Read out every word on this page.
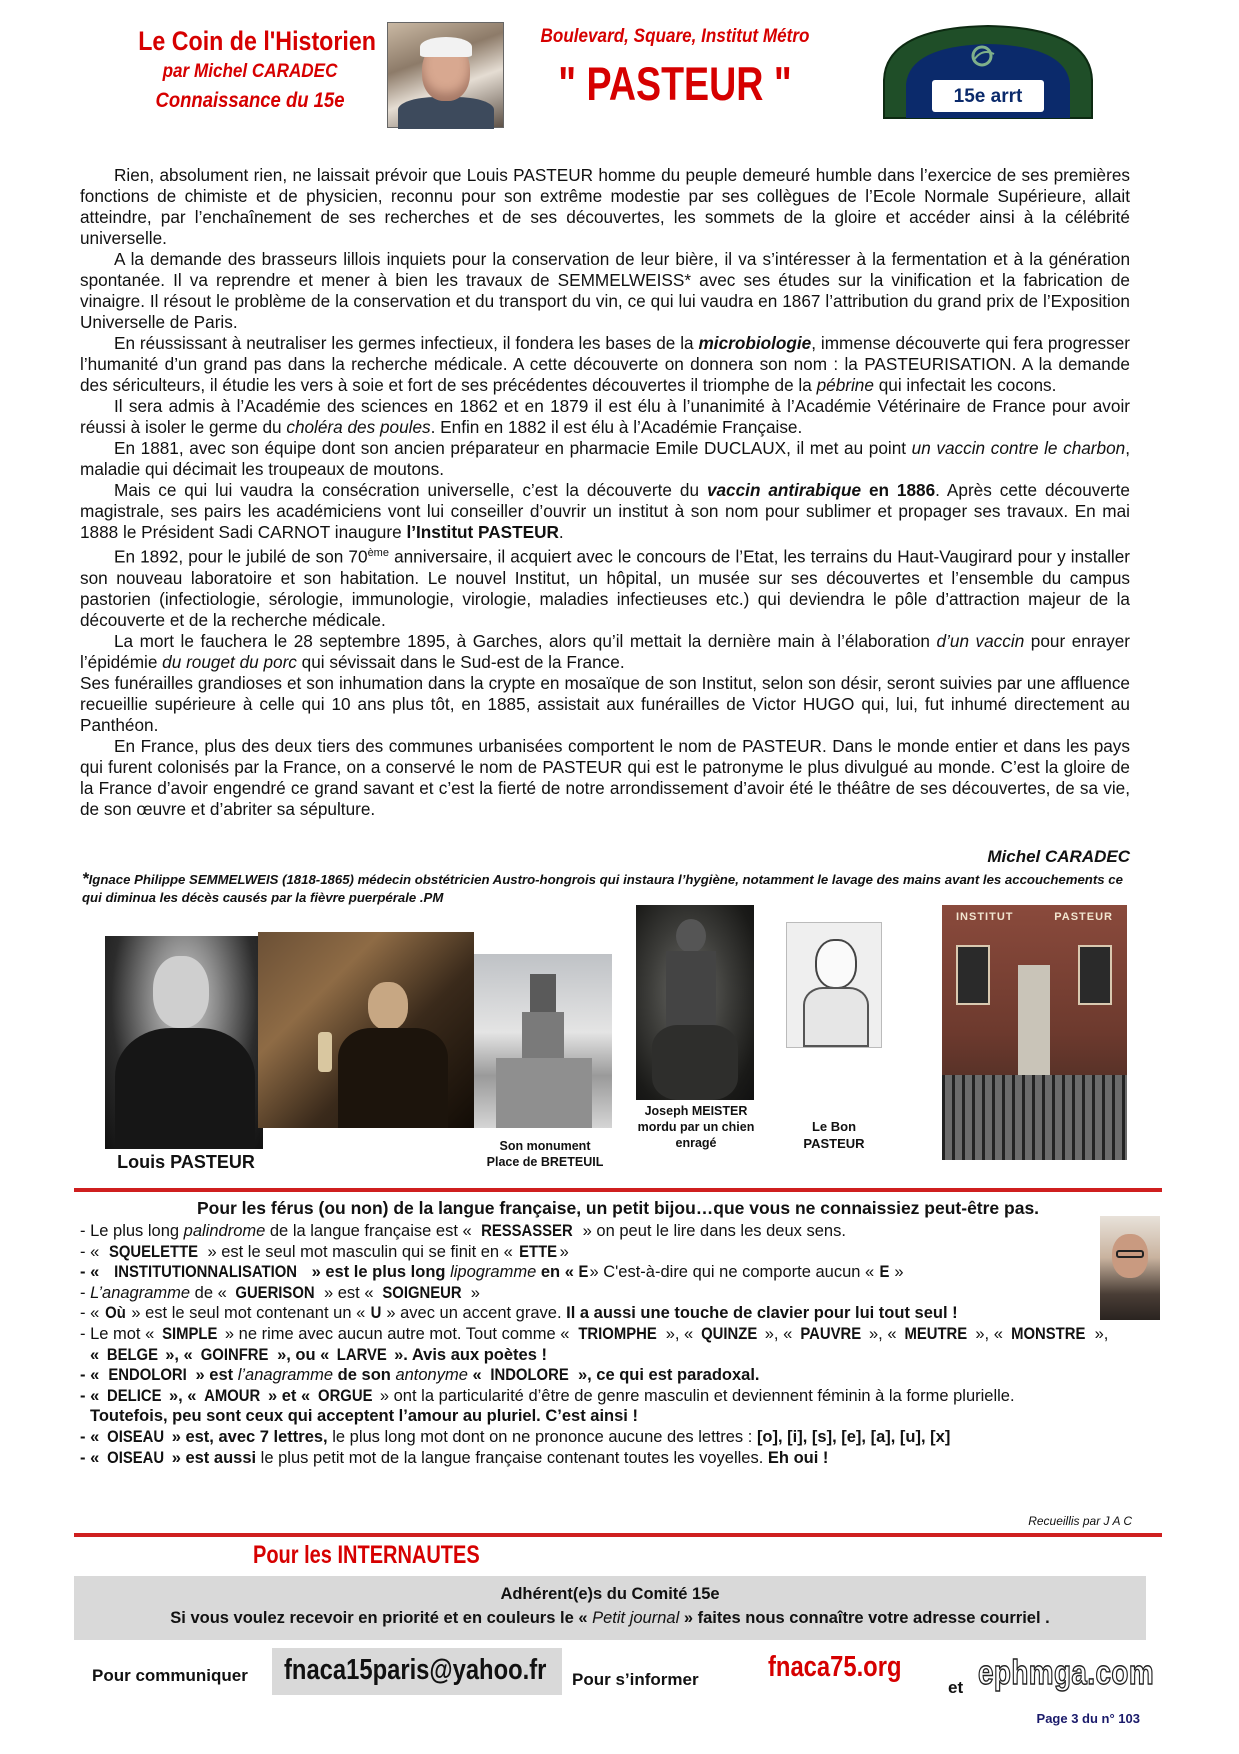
Le Coin de l'Historien
par Michel CARADEC
Connaissance du 15e
Boulevard, Square, Institut Métro
" PASTEUR "	15e arrt

Rien, absolument rien, ne laissait prévoir que Louis PASTEUR homme du peuple demeuré humble dans l’exercice de ses premières fonctions de chimiste et de physicien, reconnu pour son extrême modestie par ses collègues de l’Ecole Normale Supérieure, allait atteindre, par l’enchaînement de ses recherches et de ses découvertes, les sommets de la gloire et accéder ainsi à la célébrité universelle.

A la demande des brasseurs lillois inquiets pour la conservation de leur bière, il va s’intéresser à la fermentation et à la génération spontanée. Il va reprendre et mener à bien les travaux de SEMMELWEISS* avec ses études sur la vinification et la fabrication de vinaigre. Il résout le problème de la conservation et du transport du vin, ce qui lui vaudra en 1867 l’attribution du grand prix de l’Exposition Universelle de Paris.

En réussissant à neutraliser les germes infectieux, il fondera les bases de la microbiologie, immense découverte qui fera progresser l’humanité d’un grand pas dans la recherche médicale. A cette découverte on donnera son nom : la PASTEURISATION. A la demande des sériculteurs, il étudie les vers à soie et fort de ses précédentes découvertes il triomphe de la pébrine qui infectait les cocons.

Il sera admis à l’Académie des sciences en 1862 et en 1879 il est élu à l’unanimité à l’Académie Vétérinaire de France pour avoir réussi à isoler le germe du choléra des poules. Enfin en 1882 il est élu à l’Académie Française.

En 1881, avec son équipe dont son ancien préparateur en pharmacie Emile DUCLAUX, il met au point un vaccin contre le charbon, maladie qui décimait les troupeaux de moutons.

Mais ce qui lui vaudra la consécration universelle, c’est la découverte du vaccin antirabique en 1886. Après cette découverte magistrale, ses pairs les académiciens vont lui conseiller d’ouvrir un institut à son nom pour sublimer et propager ses travaux. En mai 1888 le Président Sadi CARNOT inaugure l’Institut PASTEUR.

En 1892, pour le jubilé de son 70ème anniversaire, il acquiert avec le concours de l’Etat, les terrains du Haut-Vaugirard pour y installer son nouveau laboratoire et son habitation. Le nouvel Institut, un hôpital, un musée sur ses découvertes et l’ensemble du campus pastorien (infectiologie, sérologie, immunologie, virologie, maladies infectieuses etc.) qui deviendra le pôle d’attraction majeur de la découverte et de la recherche médicale.

La mort le fauchera le 28 septembre 1895, à Garches, alors qu’il mettait la dernière main à l’élaboration d’un vaccin pour enrayer l’épidémie du rouget du porc qui sévissait dans le Sud-est de la France.

Ses funérailles grandioses et son inhumation dans la crypte en mosaïque de son Institut, selon son désir, seront suivies par une affluence recueillie supérieure à celle qui 10 ans plus tôt, en 1885, assistait aux funérailles de Victor HUGO qui, lui, fut inhumé directement au Panthéon.

En France, plus des deux tiers des communes urbanisées comportent le nom de PASTEUR. Dans le monde entier et dans les pays qui furent colonisés par la France, on a conservé le nom de PASTEUR qui est le patronyme le plus divulgué au monde. C’est la gloire de la France d’avoir engendré ce grand savant et c’est la fierté de notre arrondissement d’avoir été le théâtre de ses découvertes, de sa vie, de son œuvre et d’abriter sa sépulture.

Michel CARADEC
*Ignace Philippe SEMMELWEIS (1818-1865) médecin obstétricien Austro-hongrois qui instaura l’hygiène, notamment le lavage des mains avant les accouchements ce qui diminua les décès causés par la fièvre puerpérale .PM
Louis PASTEUR
Son monument
Place de BRETEUIL
Joseph MEISTER
mordu par un chien
enragé
Le Bon
PASTEUR
INSTITUT	PASTEUR
Pour les férus (ou non) de la langue française, un petit bijou…que vous ne connaissiez peut-être pas.
- Le plus long palindrome de la langue française est « RESSASSER » on peut le lire dans les deux sens.
- « SQUELETTE » est le seul mot masculin qui se finit en « ETTE »
- « INSTITUTIONNALISATION » est le plus long lipogramme en « E» C'est-à-dire qui ne comporte aucun « E »
- L’anagramme de « GUERISON » est « SOIGNEUR »
- « Où » est le seul mot contenant un « U » avec un accent grave. Il a aussi une touche de clavier pour lui tout seul !
- Le mot « SIMPLE » ne rime avec aucun autre mot. Tout comme « TRIOMPHE », « QUINZE », « PAUVRE », « MEUTRE », « MONSTRE »,
« BELGE », « GOINFRE », ou « LARVE ». Avis aux poètes !
- « ENDOLORI » est l’anagramme de son antonyme « INDOLORE », ce qui est paradoxal.
- « DELICE », « AMOUR » et « ORGUE » ont la particularité d’être de genre masculin et deviennent féminin à la forme plurielle.
Toutefois, peu sont ceux qui acceptent l’amour au pluriel. C’est ainsi !
- « OISEAU » est, avec 7 lettres, le plus long mot dont on ne prononce aucune des lettres : [o], [i], [s], [e], [a], [u], [x]
- « OISEAU » est aussi le plus petit mot de la langue française contenant toutes les voyelles. Eh oui !
Recueillis par J A C
Pour les INTERNAUTES
Adhérent(e)s du Comité 15e
Si vous voulez recevoir en priorité et en couleurs le « Petit journal » faites nous connaître votre adresse courriel .
Pour communiquer fnaca15paris@yahoo.fr Pour s’informer fnaca75.org
et ephmga.com
Page 3 du n° 103
